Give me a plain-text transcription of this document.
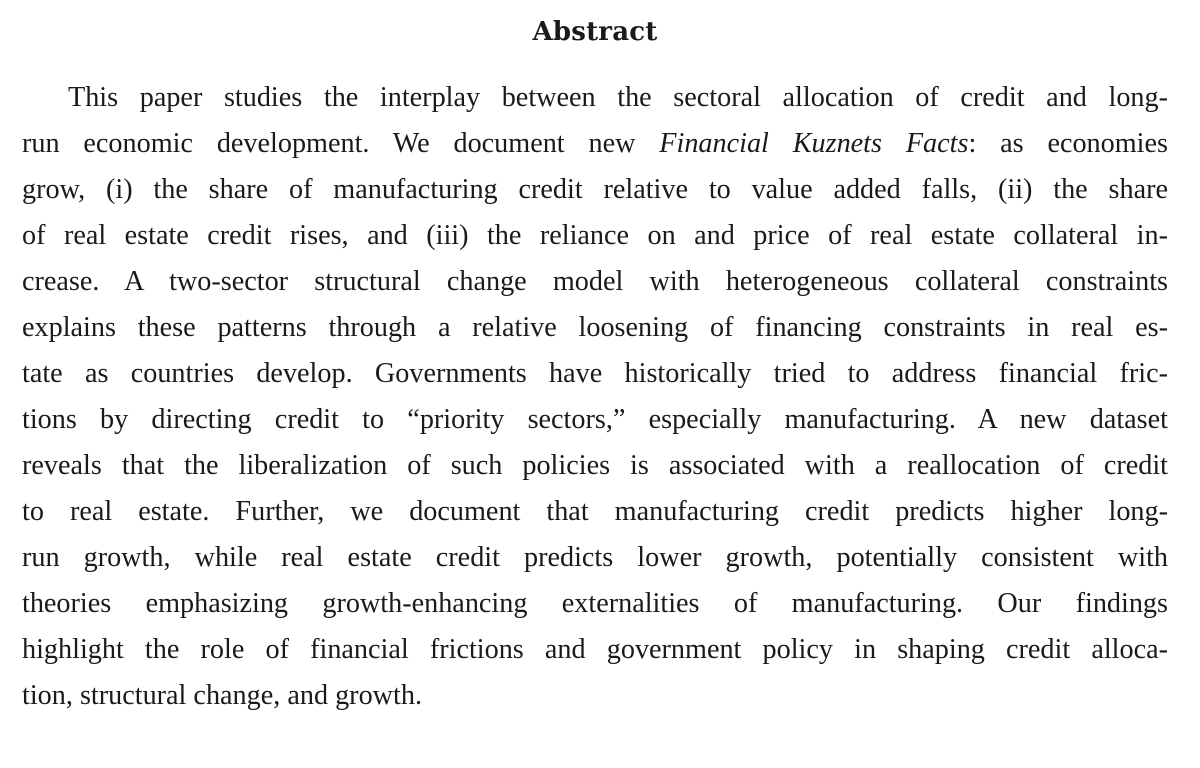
Abstract
This paper studies the interplay between the sectoral allocation of credit and long-
run economic development. We document new Financial Kuznets Facts: as economies
grow, (i) the share of manufacturing credit relative to value added falls, (ii) the share
of real estate credit rises, and (iii) the reliance on and price of real estate collateral in-
crease. A two-sector structural change model with heterogeneous collateral constraints
explains these patterns through a relative loosening of financing constraints in real es-
tate as countries develop. Governments have historically tried to address financial fric-
tions by directing credit to “priority sectors,” especially manufacturing. A new dataset
reveals that the liberalization of such policies is associated with a reallocation of credit
to real estate. Further, we document that manufacturing credit predicts higher long-
run growth, while real estate credit predicts lower growth, potentially consistent with
theories emphasizing growth-enhancing externalities of manufacturing. Our findings
highlight the role of financial frictions and government policy in shaping credit alloca-
tion, structural change, and growth.
